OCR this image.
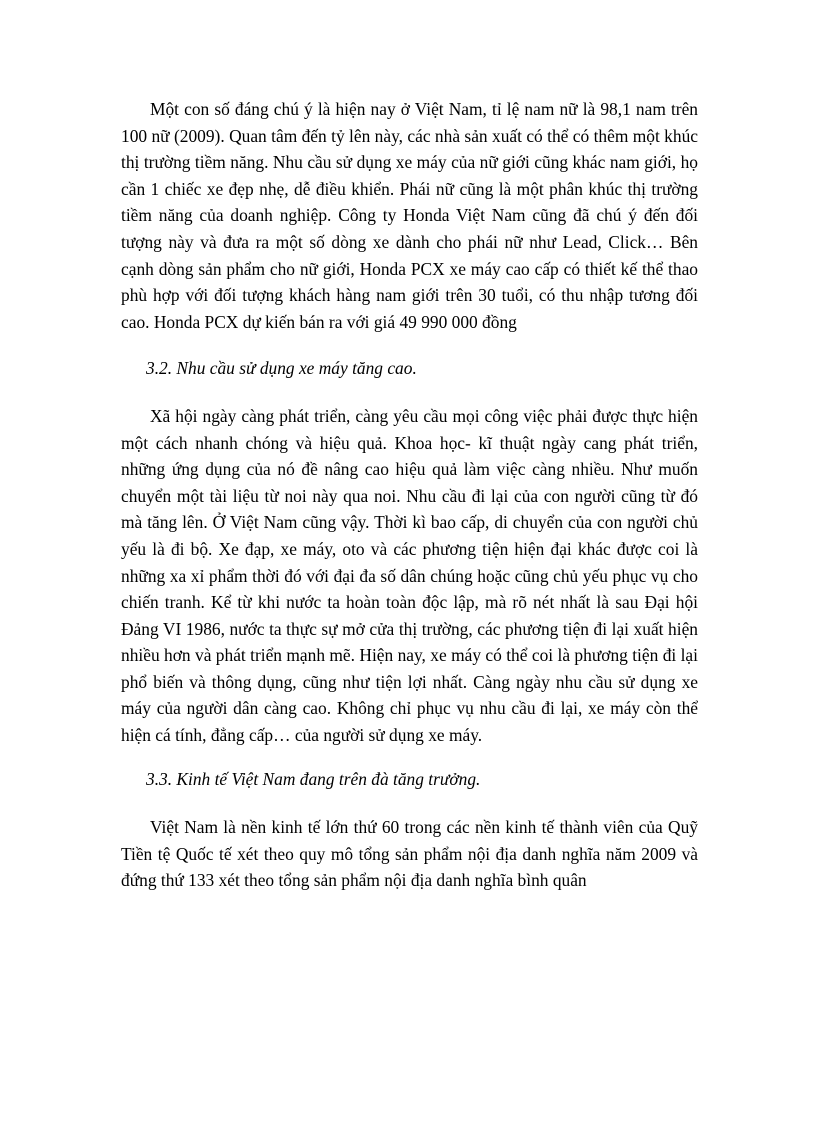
Một con số đáng chú ý là hiện nay ở Việt Nam, tỉ lệ nam nữ là 98,1 nam trên 100 nữ (2009). Quan tâm đến tỷ lên này, các nhà sản xuất có thể có thêm một khúc thị trường tiềm năng. Nhu cầu sử dụng xe máy của nữ giới cũng khác nam giới, họ cần 1 chiếc xe đẹp nhẹ, dễ điều khiển. Phái nữ cũng là một phân khúc thị trường tiềm năng của doanh nghiệp. Công ty Honda Việt Nam cũng đã chú ý đến đối tượng này và đưa ra một số dòng xe dành cho phái nữ như Lead, Click… Bên cạnh dòng sản phẩm cho nữ giới, Honda PCX xe máy cao cấp có thiết kế thể thao phù hợp với đối tượng khách hàng nam giới trên 30 tuổi, có thu nhập tương đối cao. Honda PCX dự kiến bán ra với giá 49 990 000 đồng

3.2. Nhu cầu sử dụng xe máy tăng cao.

Xã hội ngày càng phát triển, càng yêu cầu mọi công việc phải được thực hiện một cách nhanh chóng và hiệu quả. Khoa học- kĩ thuật ngày cang phát triển, những ứng dụng của nó đề nâng cao hiệu quả làm việc càng nhiều. Như muốn chuyển một tài liệu từ noi này qua noi. Nhu cầu đi lại của con người cũng từ đó mà tăng lên. Ở Việt Nam cũng vậy. Thời kì bao cấp, di chuyển của con người chủ yếu là đi bộ. Xe đạp, xe máy, oto và các phương tiện hiện đại khác được coi là những xa xỉ phẩm thời đó với đại đa số dân chúng hoặc cũng chủ yếu phục vụ cho chiến tranh. Kể từ khi nước ta hoàn toàn độc lập, mà rõ nét nhất là sau Đại hội Đảng VI 1986, nước ta thực sự mở cửa thị trường, các phương tiện đi lại xuất hiện nhiều hơn và phát triển mạnh mẽ. Hiện nay, xe máy có thể coi là phương tiện đi lại phổ biến và thông dụng, cũng như tiện lợi nhất. Càng ngày nhu cầu sử dụng xe máy của người dân càng cao. Không chỉ phục vụ nhu cầu đi lại, xe máy còn thể hiện cá tính, đẳng cấp… của người sử dụng xe máy.

3.3. Kinh tế Việt Nam đang trên đà tăng trưởng.

Việt Nam là nền kinh tế lớn thứ 60 trong các nền kinh tế thành viên của Quỹ Tiền tệ Quốc tế xét theo quy mô tổng sản phẩm nội địa danh nghĩa năm 2009 và đứng thứ 133 xét theo tổng sản phẩm nội địa danh nghĩa bình quân
